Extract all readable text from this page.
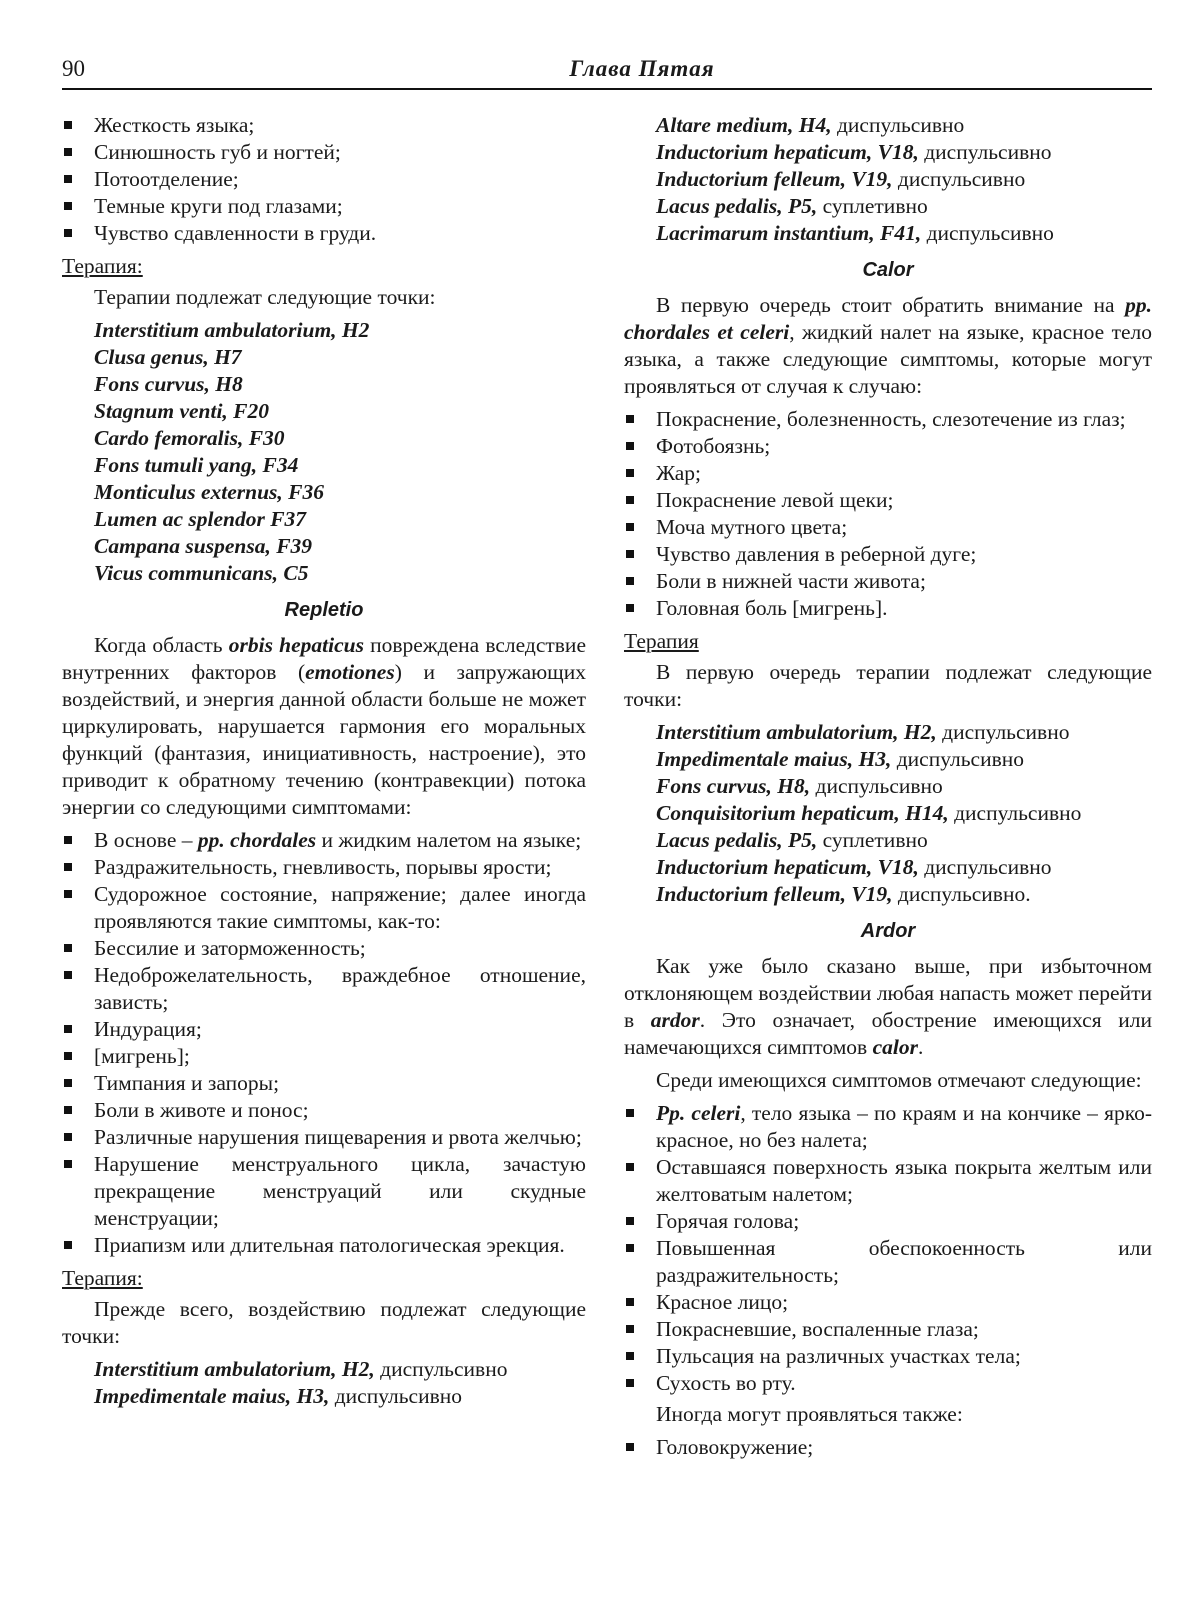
90	Глава Пятая
Жесткость языка;
Синюшность губ и ногтей;
Потоотделение;
Темные круги под глазами;
Чувство сдавленности в груди.
Терапия:
Терапии подлежат следующие точки:
Interstitium ambulatorium, H2
Clusa genus, H7
Fons curvus, H8
Stagnum venti, F20
Cardo femoralis, F30
Fons tumuli yang, F34
Monticulus externus, F36
Lumen ac splendor F37
Campana suspensa, F39
Vicus communicans, C5
Repletio
Когда область orbis hepaticus повреждена вследствие внутренних факторов (emotiones) и запружающих воздействий, и энергия данной области больше не может циркулировать, нарушается гармония его моральных функций (фантазия, инициативность, настроение), это приводит к обратному течению (контравекции) потока энергии со следующими симптомами:
В основе – pp. chordales и жидким налетом на языке;
Раздражительность, гневливость, порывы ярости;
Судорожное состояние, напряжение; далее иногда проявляются такие симптомы, как-то:
Бессилие и заторможенность;
Недоброжелательность, враждебное отношение, зависть;
Индурация;
[мигрень];
Тимпания и запоры;
Боли в животе и понос;
Различные нарушения пищеварения и рвота желчью;
Нарушение менструального цикла, зачастую прекращение менструаций или скудные менструации;
Приапизм или длительная патологическая эрекция.
Терапия:
Прежде всего, воздействию подлежат следующие точки:
Interstitium ambulatorium, H2, диспульсивно
Impedimentale maius, H3, диспульсивно
Altare medium, H4, диспульсивно
Inductorium hepaticum, V18, диспульсивно
Inductorium felleum, V19, диспульсивно
Lacus pedalis, P5, суплетивно
Lacrimarum instantium, F41, диспульсивно
Calor
В первую очередь стоит обратить внимание на pp. chordales et celeri, жидкий налет на языке, красное тело языка, а также следующие симптомы, которые могут проявляться от случая к случаю:
Покраснение, болезненность, слезотечение из глаз;
Фотобоязнь;
Жар;
Покраснение левой щеки;
Моча мутного цвета;
Чувство давления в реберной дуге;
Боли в нижней части живота;
Головная боль [мигрень].
Терапия
В первую очередь терапии подлежат следующие точки:
Interstitium ambulatorium, H2, диспульсивно
Impedimentale maius, H3, диспульсивно
Fons curvus, H8, диспульсивно
Conquisitorium hepaticum, H14, диспульсивно
Lacus pedalis, P5, суплетивно
Inductorium hepaticum, V18, диспульсивно
Inductorium felleum, V19, диспульсивно.
Ardor
Как уже было сказано выше, при избыточном отклоняющем воздействии любая напасть может перейти в ardor. Это означает, обострение имеющихся или намечающихся симптомов calor.
Среди имеющихся симптомов отмечают следующие:
Pp. celeri, тело языка – по краям и на кончике – ярко-красное, но без налета;
Оставшаяся поверхность языка покрыта желтым или желтоватым налетом;
Горячая голова;
Повышенная обеспокоенность или раздражительность;
Красное лицо;
Покрасневшие, воспаленные глаза;
Пульсация на различных участках тела;
Сухость во рту.
Иногда могут проявляться также:
Головокружение;
